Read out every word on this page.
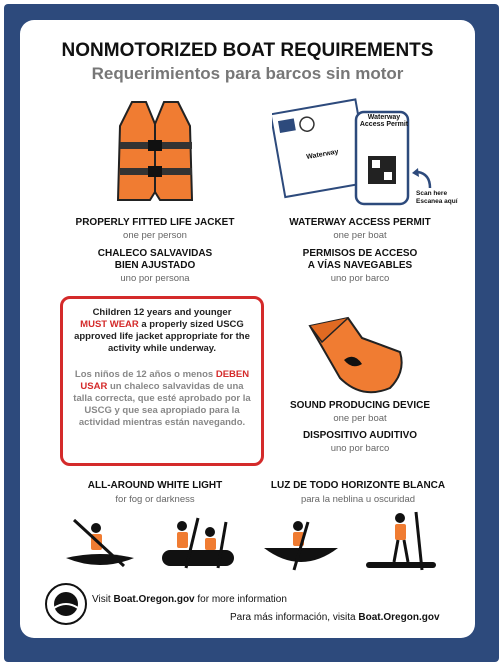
NONMOTORIZED BOAT REQUIREMENTS
Requerimientos para barcos sin motor
PROPERLY FITTED LIFE JACKET
one per person
CHALECO SALVAVIDAS
BIEN AJUSTADO
uno por persona
Waterway
Waterway
Access Permit
Scan here
Escanea aquí
WATERWAY ACCESS PERMIT
one per boat
PERMISOS DE ACCESO
A VÍAS NAVEGABLES
uno por barco
Children 12 years and younger
MUST WEAR a properly sized USCG approved life jacket appropriate for the activity while underway.
Los niños de 12 años o menos DEBEN USAR un chaleco salvavidas de una talla correcta, que esté aprobado por la USCG y que sea apropiado para la actividad mientras están navegando.
SOUND PRODUCING DEVICE
one per boat
DISPOSITIVO AUDITIVO
uno por barco
ALL-AROUND WHITE LIGHT
for fog or darkness
LUZ DE TODO HORIZONTE BLANCA
para la neblina u oscuridad
Visit Boat.Oregon.gov for more information
Para más información, visita Boat.Oregon.gov
